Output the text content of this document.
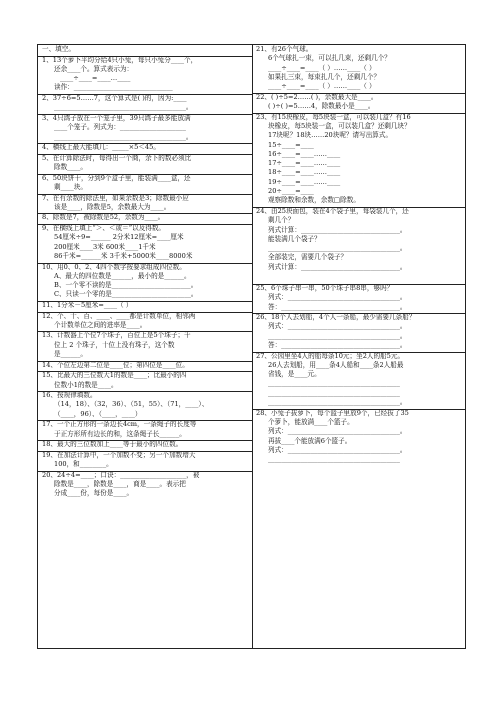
一、填空。
1、13个萝卜平均分给4只小兔，每只小兔分____个，
还余____个。算式表示为：
____÷____=____…____
读作：______________________________
2、37÷6=5……7，这个算式是( )的，因为:____
________________________________________。
3、4只鸽子放在一个笼子里，39只鸽子最多能放满
____个笼子。列式为：____________________
________________________________________。
4、横线上最大能填几：_____×5＜45。
5、在计算除法时，每得出一个商，余下的数必须比
除数____。
6、50块饼干，分到9个盒子里，能装满____盒，还
剩____块。
7、在有余数的除法里，如果余数是3；除数最小应
该是____，除数是5，余数最大为____。
8、除数是7，被除数是52，余数为____。
9、在横线上填上“＞、＜或＝”以及得数。
54厘米÷9=______ 2分米12厘米=____厘米
200厘米____3米 600米____1千米
86千米=______米 3千米+5000米____8000米
10、用0、0、2、4四个数字按要求组成四位数。
A、最大的四位数是______，最小的是______。
B、一个零不读的是________________________。
C、只读一个零的是________________________。
11、1分米－5厘米=____（ ）
12、个、十、百、____、____都是计数单位，相邻两
个计数单位之间的进率是____。
13、计数器上个位7个珠子，百位上是5个珠子；千
位上 2 个珠子，十位上没有珠子，这个数
是______。
14、个位左边第二位是____位；第四位是____位。
15、比最大的三位数大1的数是____；比最小的四
位数小1的数是____。
16、按规律填数。
（14，18）、（32，36）、（51，55）、（71，____）、
（____，96）、（____，____）
17、一个正方形的一条边长4cm，一条绳子的长度等
于正方形所有边长的和，这条绳子长______。
18、最大的三位数加上____等于最小的四位数。
19、在加法计算中，一个加数不变；另一个加数增大
100，和________。
20、24÷4=____；口诀：____________________，被
除数是____，除数是____，商是____。表示把
分成____份，每份是____。
21、有26个气球。
6个气球扎一束，可以扎几束，还剩几个？
____÷____=____（ ）……____（ ）
如果扎三束，每束扎几个，还剩几个？
____÷____=____（ ）……____（ ）
22、( )÷5=2……( )，余数最大是____。
( )÷( )=5……4，除数最小是____。
23、有15块橡皮，每5块装一盒，可以装几盒？有16
块橡皮，每5块装一盒，可以装几盒？还剩几块？
17块呢？18块……20块呢？请写出算式。
15÷____=____
16÷____=____……____
17÷____=____……____
18÷____=____……____
19÷____=____……____
20÷____=____
观察除数和余数，余数□除数。
24、由25块面包，装在4个袋子里，每袋装几个，还
剩几个？
列式计算：______________________________。
能装满几个袋子？
________________________________________。
全部装完，需要几个袋子？
列式计算：______________________________。
25、6个珠子串一串，50个珠子串8串，够吗？
列式：__________________________________。
答：____________________________________。
26、18个人去划船，4个人一条船，最少需要几条船？
列式：__________________________________。
________________________________________。
答：____________________________________。
27、公园里坐4人的船每条10元；坐2人的船5元。
26人去划船，用____条4人船和____条2人船最
省钱，是____元。
________________________________________
________________________________________
________________________________________。
28、小兔子拔萝卜，每个篮子里放9个，已经拔了35
个萝卜，能放满____个篮子。
列式：__________________________________。
再拔____个能放满6个篮子。
列式：__________________________________。
________________________________________
